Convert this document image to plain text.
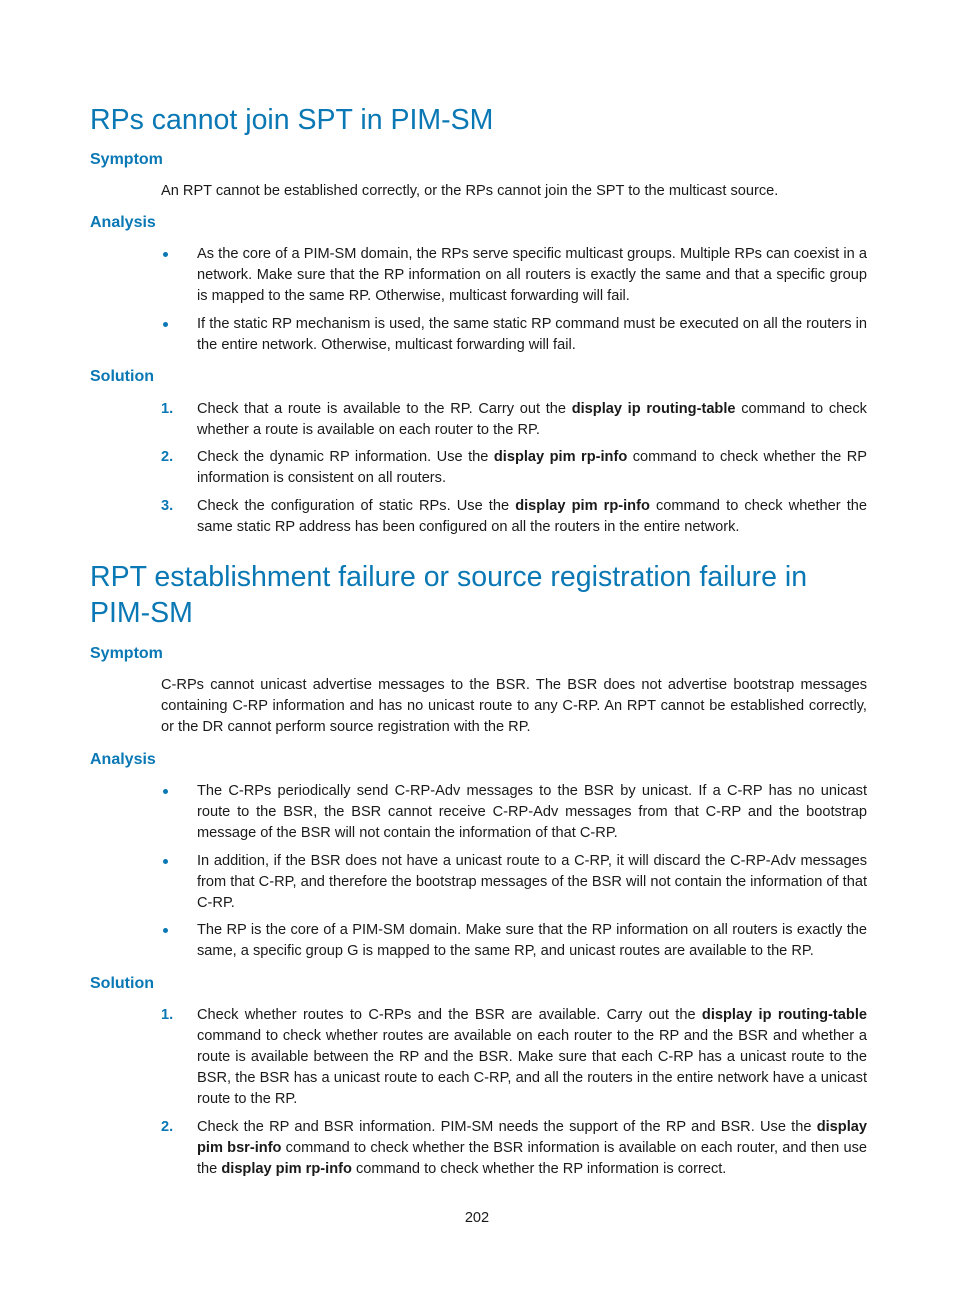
RPs cannot join SPT in PIM-SM
Symptom

An RPT cannot be established correctly, or the RPs cannot join the SPT to the multicast source.

Analysis
As the core of a PIM-SM domain, the RPs serve specific multicast groups. Multiple RPs can coexist in a network. Make sure that the RP information on all routers is exactly the same and that a specific group is mapped to the same RP. Otherwise, multicast forwarding will fail.
If the static RP mechanism is used, the same static RP command must be executed on all the routers in the entire network. Otherwise, multicast forwarding will fail.
Solution
1.	Check that a route is available to the RP. Carry out the display ip routing-table command to check whether a route is available on each router to the RP.
2.	Check the dynamic RP information. Use the display pim rp-info command to check whether the RP information is consistent on all routers.
3.	Check the configuration of static RPs. Use the display pim rp-info command to check whether the same static RP address has been configured on all the routers in the entire network.
RPT establishment failure or source registration failure in PIM-SM
Symptom

C-RPs cannot unicast advertise messages to the BSR. The BSR does not advertise bootstrap messages containing C-RP information and has no unicast route to any C-RP. An RPT cannot be established correctly, or the DR cannot perform source registration with the RP.

Analysis
The C-RPs periodically send C-RP-Adv messages to the BSR by unicast. If a C-RP has no unicast route to the BSR, the BSR cannot receive C-RP-Adv messages from that C-RP and the bootstrap message of the BSR will not contain the information of that C-RP.
In addition, if the BSR does not have a unicast route to a C-RP, it will discard the C-RP-Adv messages from that C-RP, and therefore the bootstrap messages of the BSR will not contain the information of that C-RP.
The RP is the core of a PIM-SM domain. Make sure that the RP information on all routers is exactly the same, a specific group G is mapped to the same RP, and unicast routes are available to the RP.
Solution
1.	Check whether routes to C-RPs and the BSR are available. Carry out the display ip routing-table command to check whether routes are available on each router to the RP and the BSR and whether a route is available between the RP and the BSR. Make sure that each C-RP has a unicast route to the BSR, the BSR has a unicast route to each C-RP, and all the routers in the entire network have a unicast route to the RP.
2.	Check the RP and BSR information. PIM-SM needs the support of the RP and BSR. Use the display pim bsr-info command to check whether the BSR information is available on each router, and then use the display pim rp-info command to check whether the RP information is correct.
202
